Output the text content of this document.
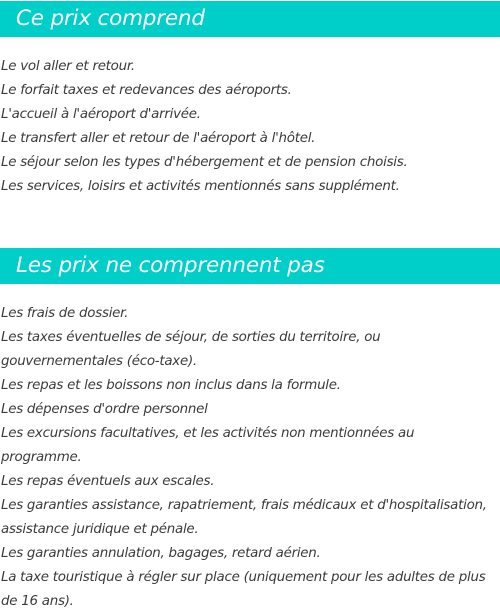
Ce prix comprend
Le vol aller et retour.
Le forfait taxes et redevances des aéroports.
L'accueil à l'aéroport d'arrivée.
Le transfert aller et retour de l'aéroport à l'hôtel.
Le séjour selon les types d'hébergement et de pension choisis.
Les services, loisirs et activités mentionnés sans supplément.
Les prix ne comprennent pas
Les frais de dossier.
Les taxes éventuelles de séjour, de sorties du territoire, ou gouvernementales (éco-taxe).
Les repas et les boissons non inclus dans la formule.
Les dépenses d'ordre personnel
Les excursions facultatives, et les activités non mentionnées au programme.
Les repas éventuels aux escales.
Les garanties assistance, rapatriement, frais médicaux et d'hospitalisation, assistance juridique et pénale.
Les garanties annulation, bagages, retard aérien.
La taxe touristique à régler sur place (uniquement pour les adultes de plus de 16 ans).
